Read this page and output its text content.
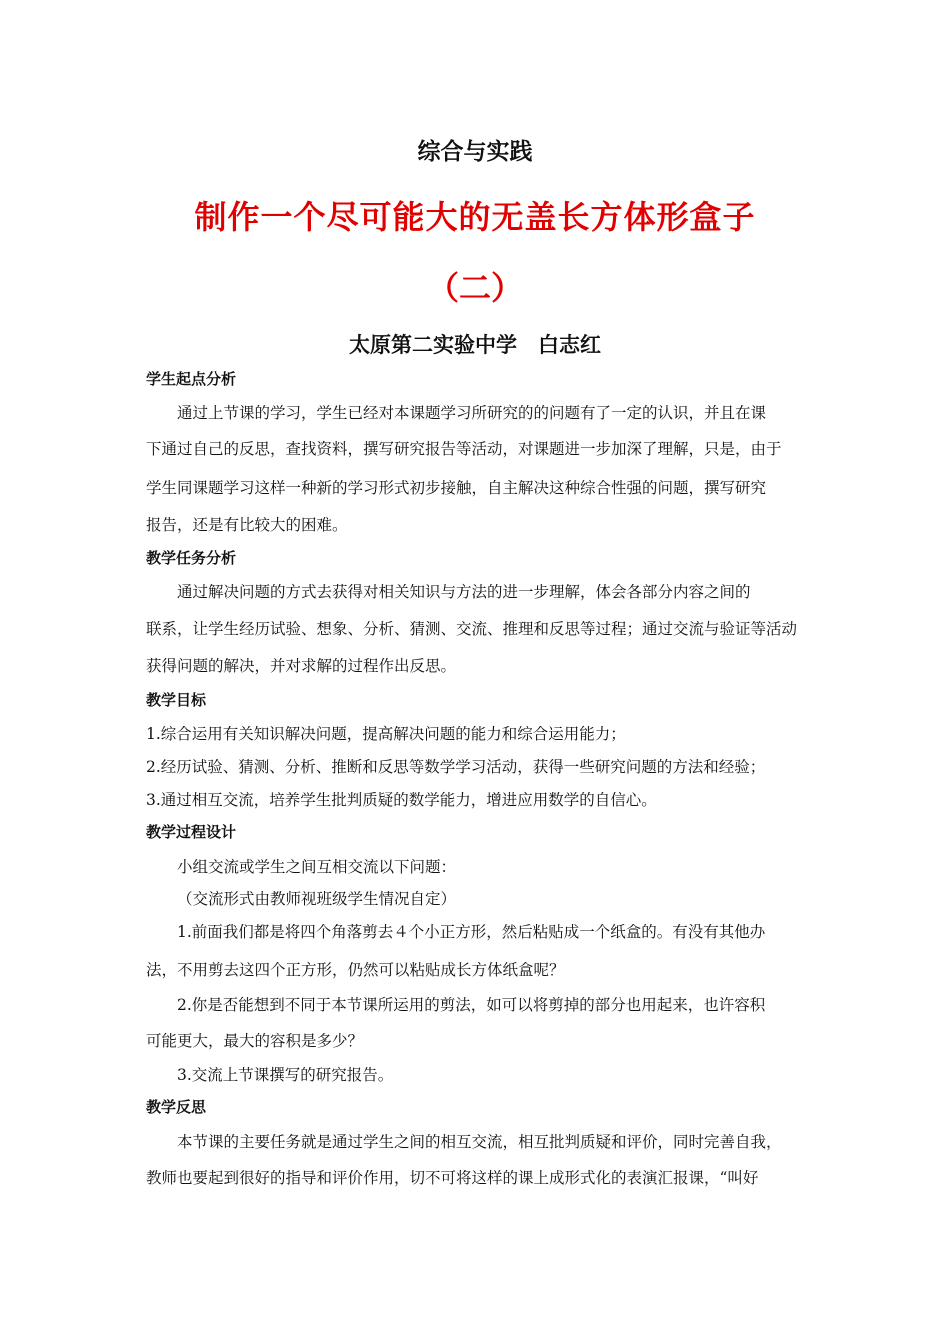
综合与实践
制作一个尽可能大的无盖长方体形盒子
（二）
太原第二实验中学　白志红
学生起点分析
通过上节课的学习，学生已经对本课题学习所研究的的问题有了一定的认识，并且在课
下通过自己的反思，查找资料，撰写研究报告等活动，对课题进一步加深了理解，只是，由于
学生同课题学习这样一种新的学习形式初步接触，自主解决这种综合性强的问题，撰写研究
报告，还是有比较大的困难。
教学任务分析
通过解决问题的方式去获得对相关知识与方法的进一步理解，体会各部分内容之间的
联系，让学生经历试验、想象、分析、猜测、交流、推理和反思等过程；通过交流与验证等活动
获得问题的解决，并对求解的过程作出反思。
教学目标
1.综合运用有关知识解决问题，提高解决问题的能力和综合运用能力；
2.经历试验、猜测、分析、推断和反思等数学学习活动，获得一些研究问题的方法和经验；
3.通过相互交流，培养学生批判质疑的数学能力，增进应用数学的自信心。
教学过程设计
小组交流或学生之间互相交流以下问题：
（交流形式由教师视班级学生情况自定）
1.前面我们都是将四个角落剪去４个小正方形，然后粘贴成一个纸盒的。有没有其他办
法，不用剪去这四个正方形，仍然可以粘贴成长方体纸盒呢？
2.你是否能想到不同于本节课所运用的剪法，如可以将剪掉的部分也用起来，也许容积
可能更大，最大的容积是多少？
3.交流上节课撰写的研究报告。
教学反思
本节课的主要任务就是通过学生之间的相互交流，相互批判质疑和评价，同时完善自我，
教师也要起到很好的指导和评价作用，切不可将这样的课上成形式化的表演汇报课，“叫好
